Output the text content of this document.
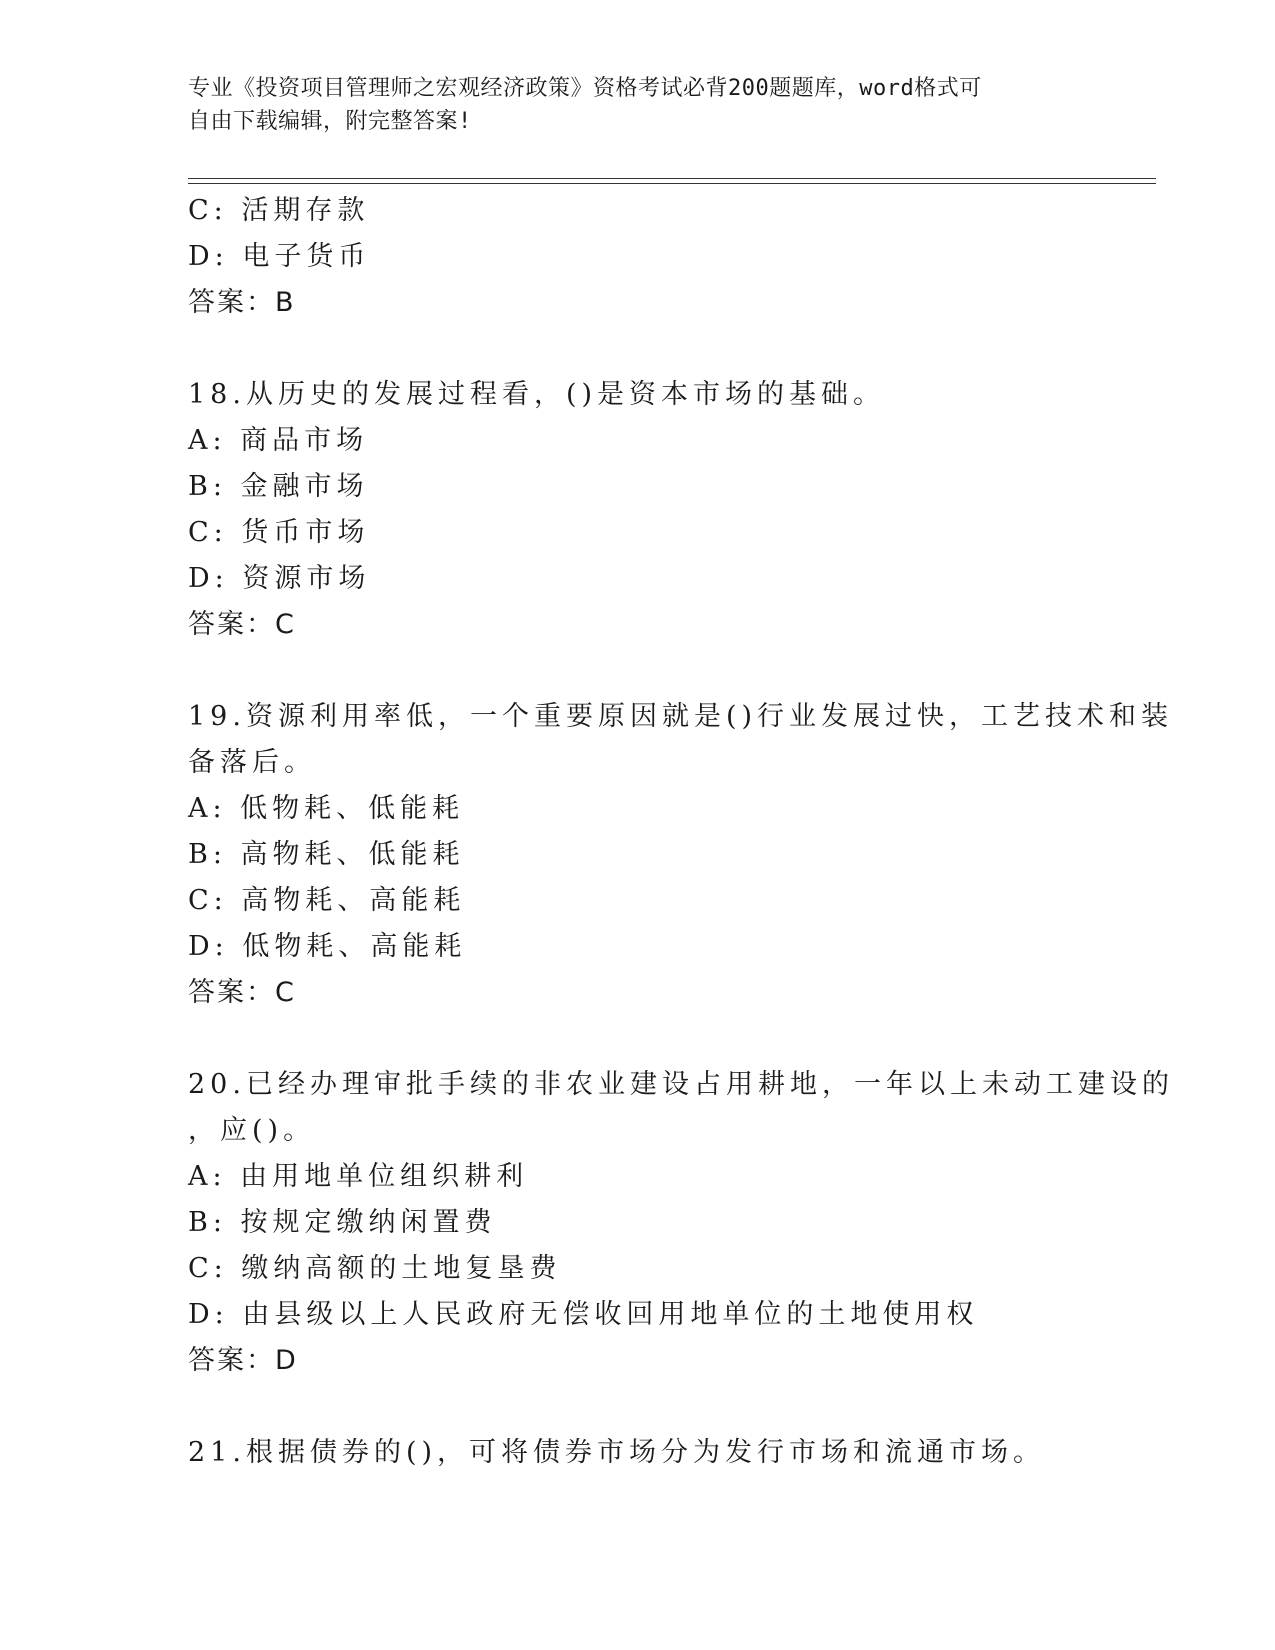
专业《投资项目管理师之宏观经济政策》资格考试必背200题题库，word格式可
自由下载编辑，附完整答案!
C: 活期存款
D: 电子货币
答案：B
18.从历史的发展过程看，()是资本市场的基础。
A: 商品市场
B: 金融市场
C: 货币市场
D: 资源市场
答案：C
19.资源利用率低，一个重要原因就是()行业发展过快，工艺技术和装
备落后。
A: 低物耗、低能耗
B: 高物耗、低能耗
C: 高物耗、高能耗
D: 低物耗、高能耗
答案：C
20.已经办理审批手续的非农业建设占用耕地，一年以上未动工建设的
，应()。
A: 由用地单位组织耕利
B: 按规定缴纳闲置费
C: 缴纳高额的土地复垦费
D: 由县级以上人民政府无偿收回用地单位的土地使用权
答案：D
21.根据债券的()，可将债券市场分为发行市场和流通市场。
